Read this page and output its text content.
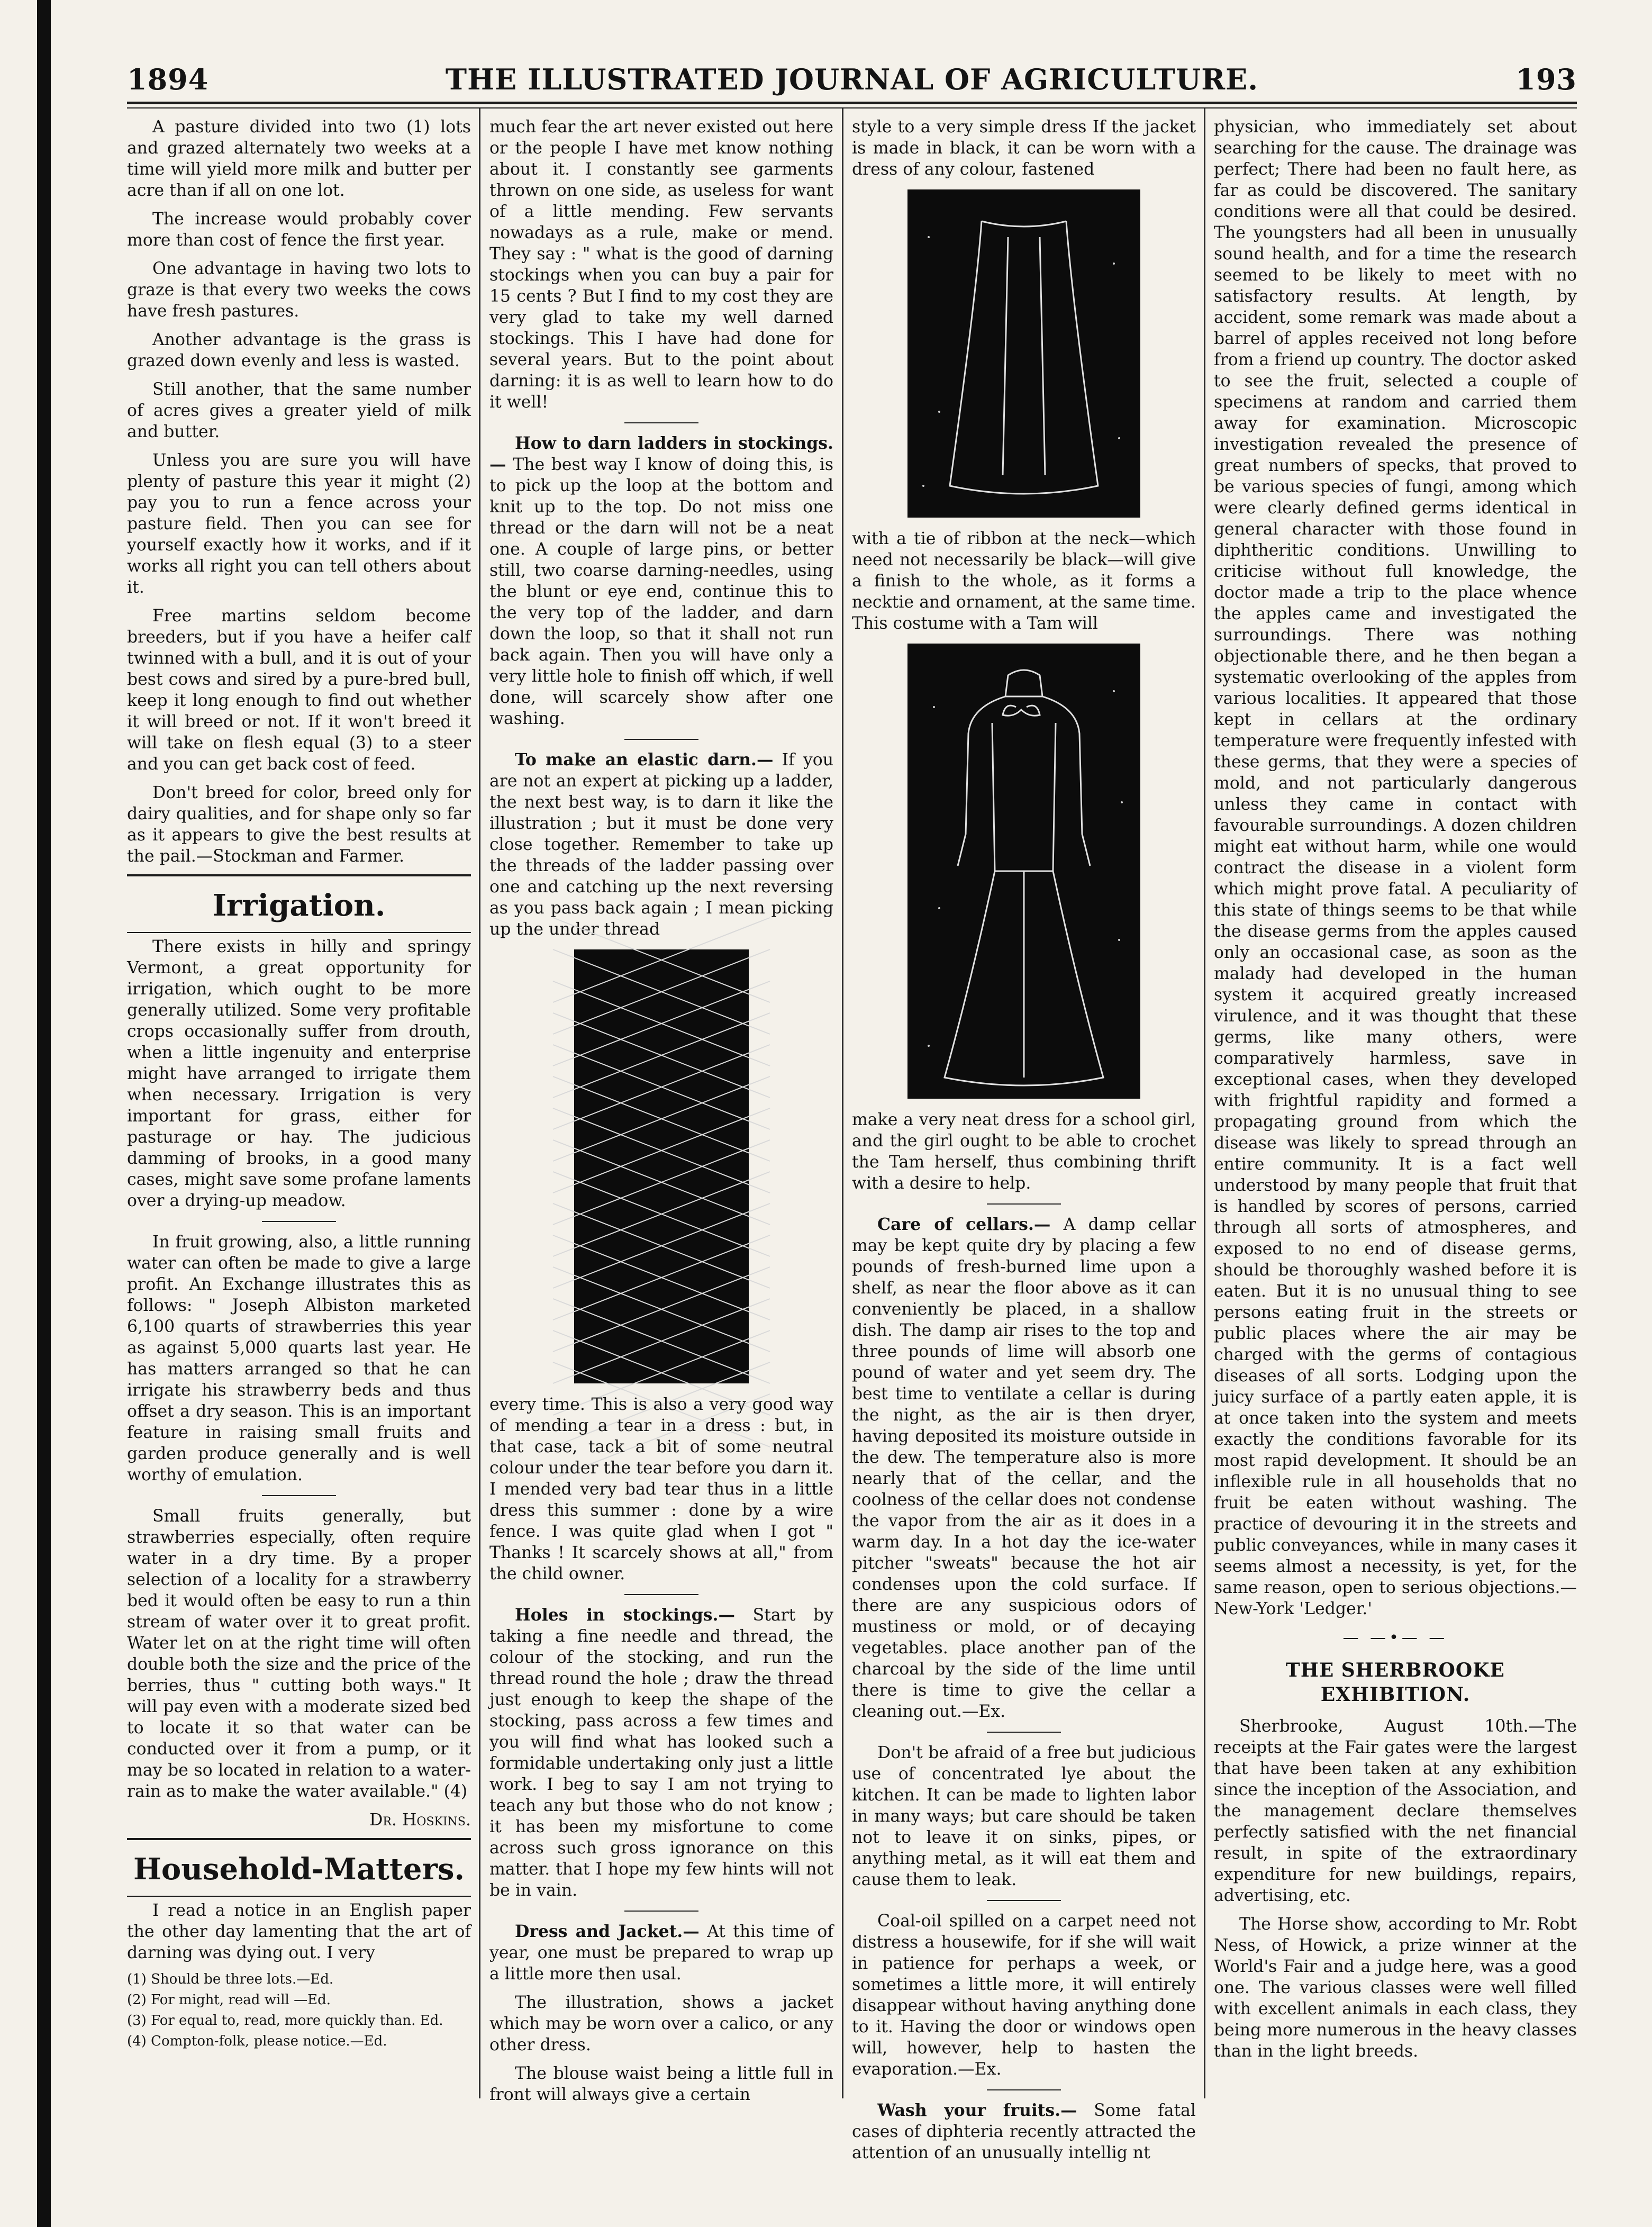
1894	THE ILLUSTRATED JOURNAL OF AGRICULTURE.	193

A pasture divided into two (1) lots and grazed alternately two weeks at a time will yield more milk and butter per acre than if all on one lot.

The increase would probably cover more than cost of fence the first year.

One advantage in having two lots to graze is that every two weeks the cows have fresh pastures.

Another advantage is the grass is grazed down evenly and less is wasted.

Still another, that the same number of acres gives a greater yield of milk and butter.

Unless you are sure you will have plenty of pasture this year it might (2) pay you to run a fence across your pasture field. Then you can see for yourself exactly how it works, and if it works all right you can tell others about it.

Free martins seldom become breeders, but if you have a heifer calf twinned with a bull, and it is out of your best cows and sired by a pure-bred bull, keep it long enough to find out whether it will breed or not. If it won't breed it will take on flesh equal (3) to a steer and you can get back cost of feed.

Don't breed for color, breed only for dairy qualities, and for shape only so far as it appears to give the best results at the pail.—Stockman and Farmer.

Irrigation.

There exists in hilly and springy Vermont, a great opportunity for irrigation, which ought to be more generally utilized. Some very profitable crops occasionally suffer from drouth, when a little ingenuity and enterprise might have arranged to irrigate them when necessary. Irrigation is very important for grass, either for pasturage or hay. The judicious damming of brooks, in a good many cases, might save some profane laments over a drying-up meadow.

In fruit growing, also, a little running water can often be made to give a large profit. An Exchange illustrates this as follows: " Joseph Albiston marketed 6,100 quarts of strawberries this year as against 5,000 quarts last year. He has matters arranged so that he can irrigate his strawberry beds and thus offset a dry season. This is an important feature in raising small fruits and garden produce generally and is well worthy of emulation.

Small fruits generally, but strawberries especially, often require water in a dry time. By a proper selection of a locality for a strawberry bed it would often be easy to run a thin stream of water over it to great profit. Water let on at the right time will often double both the size and the price of the berries, thus " cutting both ways." It will pay even with a moderate sized bed to locate it so that water can be conducted over it from a pump, or it may be so located in relation to a water-rain as to make the water available." (4)

Dr. Hoskins.

Household-Matters.

I read a notice in an English paper the other day lamenting that the art of darning was dying out. I very

(1) Should be three lots.—Ed.

(2) For might, read will —Ed.

(3) For equal to, read, more quickly than. Ed.

(4) Compton-folk, please notice.—Ed.

much fear the art never existed out here or the people I have met know nothing about it. I constantly see garments thrown on one side, as useless for want of a little mending. Few servants nowadays as a rule, make or mend. They say : " what is the good of darning stockings when you can buy a pair for 15 cents ? But I find to my cost they are very glad to take my well darned stockings. This I have had done for several years. But to the point about darning: it is as well to learn how to do it well!

How to darn ladders in stockings.— The best way I know of doing this, is to pick up the loop at the bottom and knit up to the top. Do not miss one thread or the darn will not be a neat one. A couple of large pins, or better still, two coarse darning-needles, using the blunt or eye end, continue this to the very top of the ladder, and darn down the loop, so that it shall not run back again. Then you will have only a very little hole to finish off which, if well done, will scarcely show after one washing.

To make an elastic darn.— If you are not an expert at picking up a ladder, the next best way, is to darn it like the illustration ; but it must be done very close together. Remember to take up the threads of the ladder passing over one and catching up the next reversing as you pass back again ; I mean picking up the under thread

every time. This is also a very good way of mending a tear in a dress : but, in that case, tack a bit of some neutral colour under the tear before you darn it. I mended very bad tear thus in a little dress this summer : done by a wire fence. I was quite glad when I got " Thanks ! It scarcely shows at all," from the child owner.

Holes in stockings.— Start by taking a fine needle and thread, the colour of the stocking, and run the thread round the hole ; draw the thread just enough to keep the shape of the stocking, pass across a few times and you will find what has looked such a formidable undertaking only just a little work. I beg to say I am not trying to teach any but those who do not know ; it has been my misfortune to come across such gross ignorance on this matter. that I hope my few hints will not be in vain.

Dress and Jacket.— At this time of year, one must be prepared to wrap up a little more then usal.

The illustration, shows a jacket which may be worn over a calico, or any other dress.

The blouse waist being a little full in front will always give a certain

style to a very simple dress If the jacket is made in black, it can be worn with a dress of any colour, fastened

with a tie of ribbon at the neck—which need not necessarily be black—will give a finish to the whole, as it forms a necktie and ornament, at the same time. This costume with a Tam will

make a very neat dress for a school girl, and the girl ought to be able to crochet the Tam herself, thus combining thrift with a desire to help.

Care of cellars.— A damp cellar may be kept quite dry by placing a few pounds of fresh-burned lime upon a shelf, as near the floor above as it can conveniently be placed, in a shallow dish. The damp air rises to the top and three pounds of lime will absorb one pound of water and yet seem dry. The best time to ventilate a cellar is during the night, as the air is then dryer, having deposited its moisture outside in the dew. The temperature also is more nearly that of the cellar, and the coolness of the cellar does not condense the vapor from the air as it does in a warm day. In a hot day the ice-water pitcher "sweats" because the hot air condenses upon the cold surface. If there are any suspicious odors of mustiness or mold, or of decaying vegetables. place another pan of the charcoal by the side of the lime until there is time to give the cellar a cleaning out.—Ex.

Don't be afraid of a free but judicious use of concentrated lye about the kitchen. It can be made to lighten labor in many ways; but care should be taken not to leave it on sinks, pipes, or anything metal, as it will eat them and cause them to leak.

Coal-oil spilled on a carpet need not distress a housewife, for if she will wait in patience for perhaps a week, or sometimes a little more, it will entirely disappear without having anything done to it. Having the door or windows open will, however, help to hasten the evaporation.—Ex.

Wash your fruits.— Some fatal cases of diphteria recently attracted the attention of an unusually intellig nt

physician, who immediately set about searching for the cause. The drainage was perfect; There had been no fault here, as far as could be discovered. The sanitary conditions were all that could be desired. The youngsters had all been in unusually sound health, and for a time the research seemed to be likely to meet with no satisfactory results. At length, by accident, some remark was made about a barrel of apples received not long before from a friend up country. The doctor asked to see the fruit, selected a couple of specimens at random and carried them away for examination. Microscopic investigation revealed the presence of great numbers of specks, that proved to be various species of fungi, among which were clearly defined germs identical in general character with those found in diphtheritic conditions. Unwilling to criticise without full knowledge, the doctor made a trip to the place whence the apples came and investigated the surroundings. There was nothing objectionable there, and he then began a systematic overlooking of the apples from various localities. It appeared that those kept in cellars at the ordinary temperature were frequently infested with these germs, that they were a species of mold, and not particularly dangerous unless they came in contact with favourable surroundings. A dozen children might eat without harm, while one would contract the disease in a violent form which might prove fatal. A peculiarity of this state of things seems to be that while the disease germs from the apples caused only an occasional case, as soon as the malady had developed in the human system it acquired greatly increased virulence, and it was thought that these germs, like many others, were comparatively harmless, save in exceptional cases, when they developed with frightful rapidity and formed a propagating ground from which the disease was likely to spread through an entire community. It is a fact well understood by many people that fruit that is handled by scores of persons, carried through all sorts of atmospheres, and exposed to no end of disease germs, should be thoroughly washed before it is eaten. But it is no unusual thing to see persons eating fruit in the streets or public places where the air may be charged with the germs of contagious diseases of all sorts. Lodging upon the juicy surface of a partly eaten apple, it is at once taken into the system and meets exactly the conditions favorable for its most rapid development. It should be an inflexible rule in all households that no fruit be eaten without washing. The practice of devouring it in the streets and public conveyances, while in many cases it seems almost a necessity, is yet, for the same reason, open to serious objections.—New-York 'Ledger.'

— —•— —
THE SHERBROOKE EXHIBITION.

Sherbrooke, August 10th.—The receipts at the Fair gates were the largest that have been taken at any exhibition since the inception of the Association, and the management declare themselves perfectly satisfied with the net financial result, in spite of the extraordinary expenditure for new buildings, repairs, advertising, etc.

The Horse show, according to Mr. Robt Ness, of Howick, a prize winner at the World's Fair and a judge here, was a good one. The various classes were well filled with excellent animals in each class, they being more numerous in the heavy classes than in the light breeds.
